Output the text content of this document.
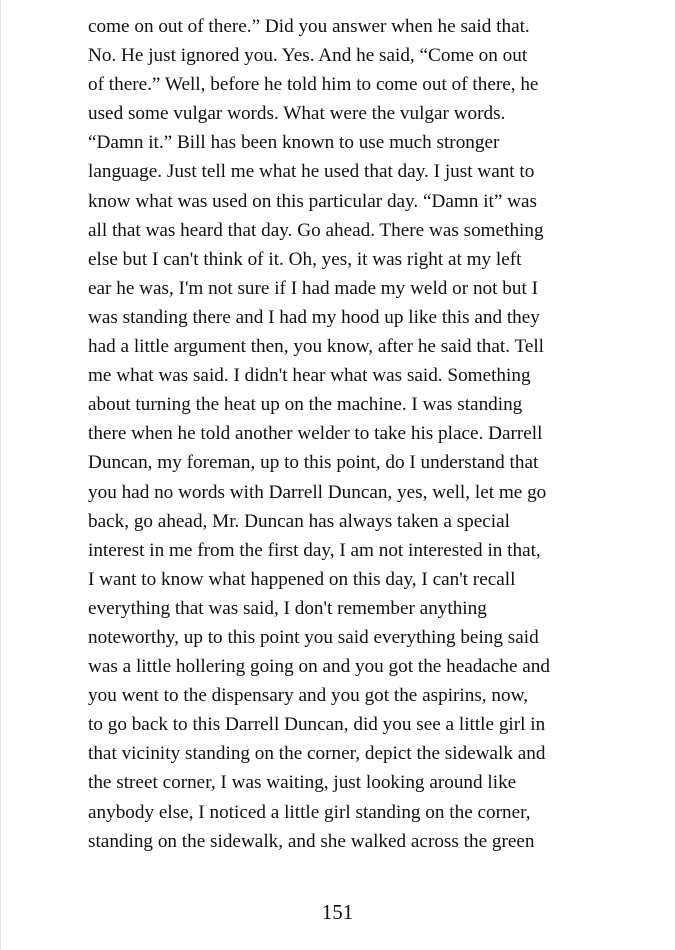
come on out of there.” Did you answer when he said that.
No. He just ignored you. Yes. And he said, “Come on out
of there.” Well, before he told him to come out of there, he
used some vulgar words. What were the vulgar words.
“Damn it.” Bill has been known to use much stronger
language. Just tell me what he used that day. I just want to
know what was used on this particular day. “Damn it” was
all that was heard that day. Go ahead. There was something
else but I can't think of it. Oh, yes, it was right at my left
ear he was, I'm not sure if I had made my weld or not but I
was standing there and I had my hood up like this and they
had a little argument then, you know, after he said that. Tell
me what was said. I didn't hear what was said. Something
about turning the heat up on the machine. I was standing
there when he told another welder to take his place. Darrell
Duncan, my foreman, up to this point, do I understand that
you had no words with Darrell Duncan, yes, well, let me go
back, go ahead, Mr. Duncan has always taken a special
interest in me from the first day, I am not interested in that,
I want to know what happened on this day, I can't recall
everything that was said, I don't remember anything
noteworthy, up to this point you said everything being said
was a little hollering going on and you got the headache and
you went to the dispensary and you got the aspirins, now,
to go back to this Darrell Duncan, did you see a little girl in
that vicinity standing on the corner, depict the sidewalk and
the street corner, I was waiting, just looking around like
anybody else, I noticed a little girl standing on the corner,
standing on the sidewalk, and she walked across the green
151
